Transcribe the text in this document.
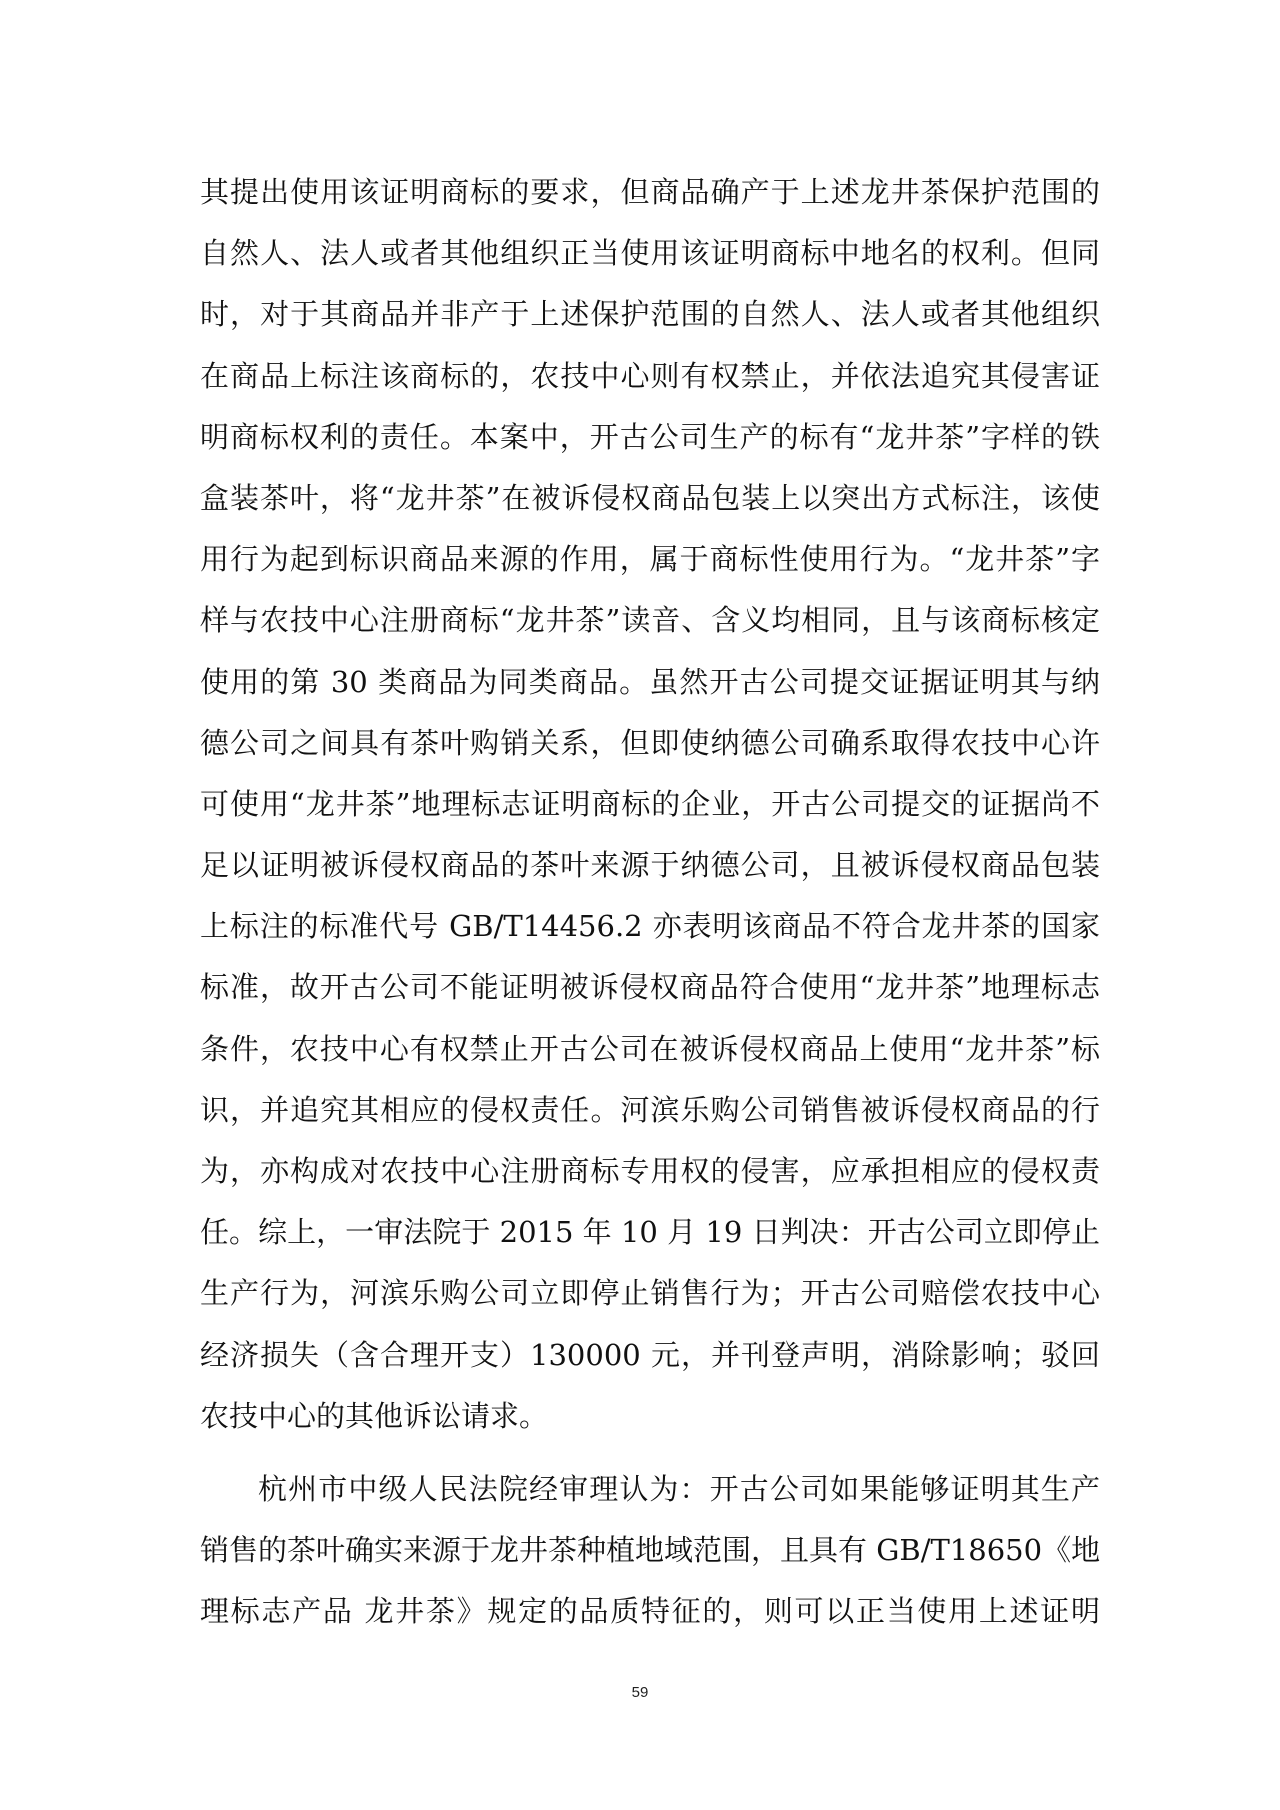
其提出使用该证明商标的要求，但商品确产于上述龙井茶保护范围的
自然人、法人或者其他组织正当使用该证明商标中地名的权利。但同
时，对于其商品并非产于上述保护范围的自然人、法人或者其他组织
在商品上标注该商标的，农技中心则有权禁止，并依法追究其侵害证
明商标权利的责任。本案中，开古公司生产的标有“龙井茶”字样的铁
盒装茶叶，将“龙井茶”在被诉侵权商品包装上以突出方式标注，该使
用行为起到标识商品来源的作用，属于商标性使用行为。“龙井茶”字
样与农技中心注册商标“龙井茶”读音、含义均相同，且与该商标核定
使用的第 30 类商品为同类商品。虽然开古公司提交证据证明其与纳
德公司之间具有茶叶购销关系，但即使纳德公司确系取得农技中心许
可使用“龙井茶”地理标志证明商标的企业，开古公司提交的证据尚不
足以证明被诉侵权商品的茶叶来源于纳德公司，且被诉侵权商品包装
上标注的标准代号 GB/T14456.2 亦表明该商品不符合龙井茶的国家
标准，故开古公司不能证明被诉侵权商品符合使用“龙井茶”地理标志
条件，农技中心有权禁止开古公司在被诉侵权商品上使用“龙井茶”标
识，并追究其相应的侵权责任。河滨乐购公司销售被诉侵权商品的行
为，亦构成对农技中心注册商标专用权的侵害，应承担相应的侵权责
任。综上，一审法院于 2015 年 10 月 19 日判决：开古公司立即停止
生产行为，河滨乐购公司立即停止销售行为；开古公司赔偿农技中心
经济损失（含合理开支）130000 元，并刊登声明，消除影响；驳回
农技中心的其他诉讼请求。
杭州市中级人民法院经审理认为：开古公司如果能够证明其生产
销售的茶叶确实来源于龙井茶种植地域范围，且具有 GB/T18650《地
理标志产品 龙井茶》规定的品质特征的，则可以正当使用上述证明
59
